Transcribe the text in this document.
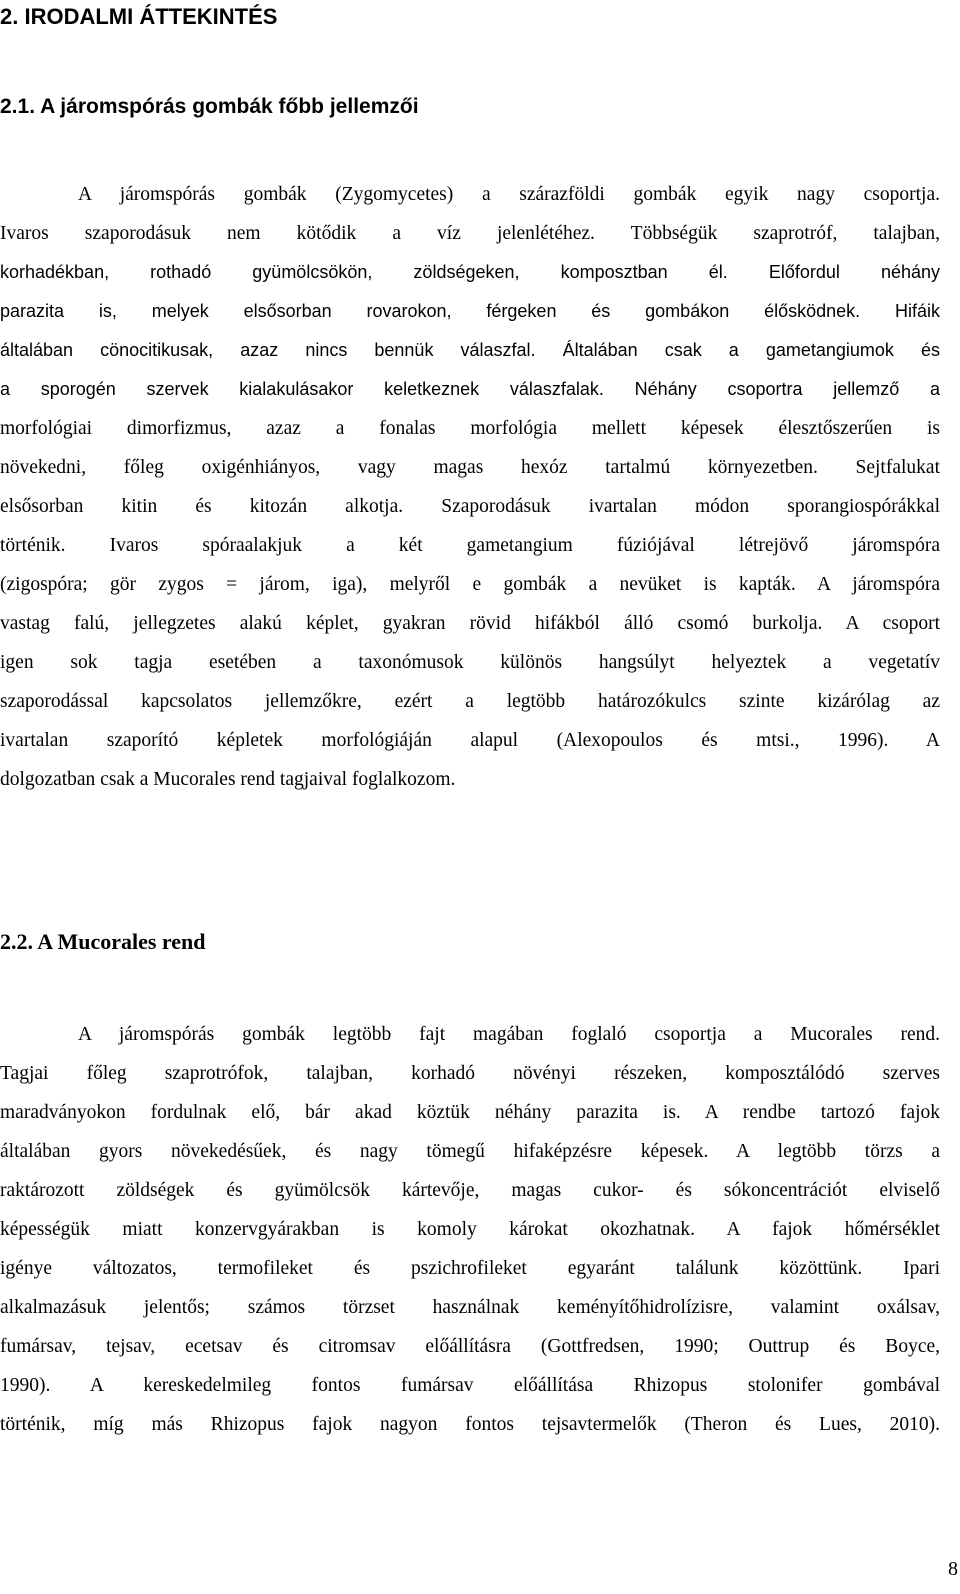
2. IRODALMI ÁTTEKINTÉS
2.1. A járomspórás gombák főbb jellemzői
A járomspórás gombák (Zygomycetes) a szárazföldi gombák egyik nagy csoportja.
Ivaros szaporodásuk nem kötődik a víz jelenlétéhez. Többségük szaprotróf, talajban,
korhadékban, rothadó gyümölcsökön, zöldségeken, komposztban él. Előfordul néhány
parazita is, melyek elsősorban rovarokon, férgeken és gombákon élősködnek. Hifáik
általában cönocitikusak, azaz nincs bennük válaszfal. Általában csak a gametangiumok és
a sporogén szervek kialakulásakor keletkeznek válaszfalak. Néhány csoportra jellemző a
morfológiai dimorfizmus, azaz a fonalas morfológia mellett képesek élesztőszerűen is
növekedni, főleg oxigénhiányos, vagy magas hexóz tartalmú környezetben. Sejtfalukat
elsősorban kitin és kitozán alkotja. Szaporodásuk ivartalan módon sporangiospórákkal
történik. Ivaros spóraalakjuk a két gametangium fúziójával létrejövő járomspóra
(zigospóra; gör zygos = járom, iga), melyről e gombák a nevüket is kapták. A járomspóra
vastag falú, jellegzetes alakú képlet, gyakran rövid hifákból álló csomó burkolja. A csoport
igen sok tagja esetében a taxonómusok különös hangsúlyt helyeztek a vegetatív
szaporodással kapcsolatos jellemzőkre, ezért a legtöbb határozókulcs szinte kizárólag az
ivartalan szaporító képletek morfológiáján alapul (Alexopoulos és mtsi., 1996). A
dolgozatban csak a Mucorales rend tagjaival foglalkozom.
2.2. A Mucorales rend
A járomspórás gombák legtöbb fajt magában foglaló csoportja a Mucorales rend.
Tagjai főleg szaprotrófok, talajban, korhadó növényi részeken, komposztálódó szerves
maradványokon fordulnak elő, bár akad köztük néhány parazita is. A rendbe tartozó fajok
általában gyors növekedésűek, és nagy tömegű hifaképzésre képesek. A legtöbb törzs a
raktározott zöldségek és gyümölcsök kártevője, magas cukor- és sókoncentrációt elviselő
képességük miatt konzervgyárakban is komoly károkat okozhatnak. A fajok hőmérséklet
igénye változatos, termofileket és pszichrofileket egyaránt találunk közöttünk. Ipari
alkalmazásuk jelentős; számos törzset használnak keményítőhidrolízisre, valamint oxálsav,
fumársav, tejsav, ecetsav és citromsav előállításra (Gottfredsen, 1990; Outtrup és Boyce,
1990). A kereskedelmileg fontos fumársav előállítása Rhizopus stolonifer gombával
történik, míg más Rhizopus fajok nagyon fontos tejsavtermelők (Theron és Lues, 2010).
8
